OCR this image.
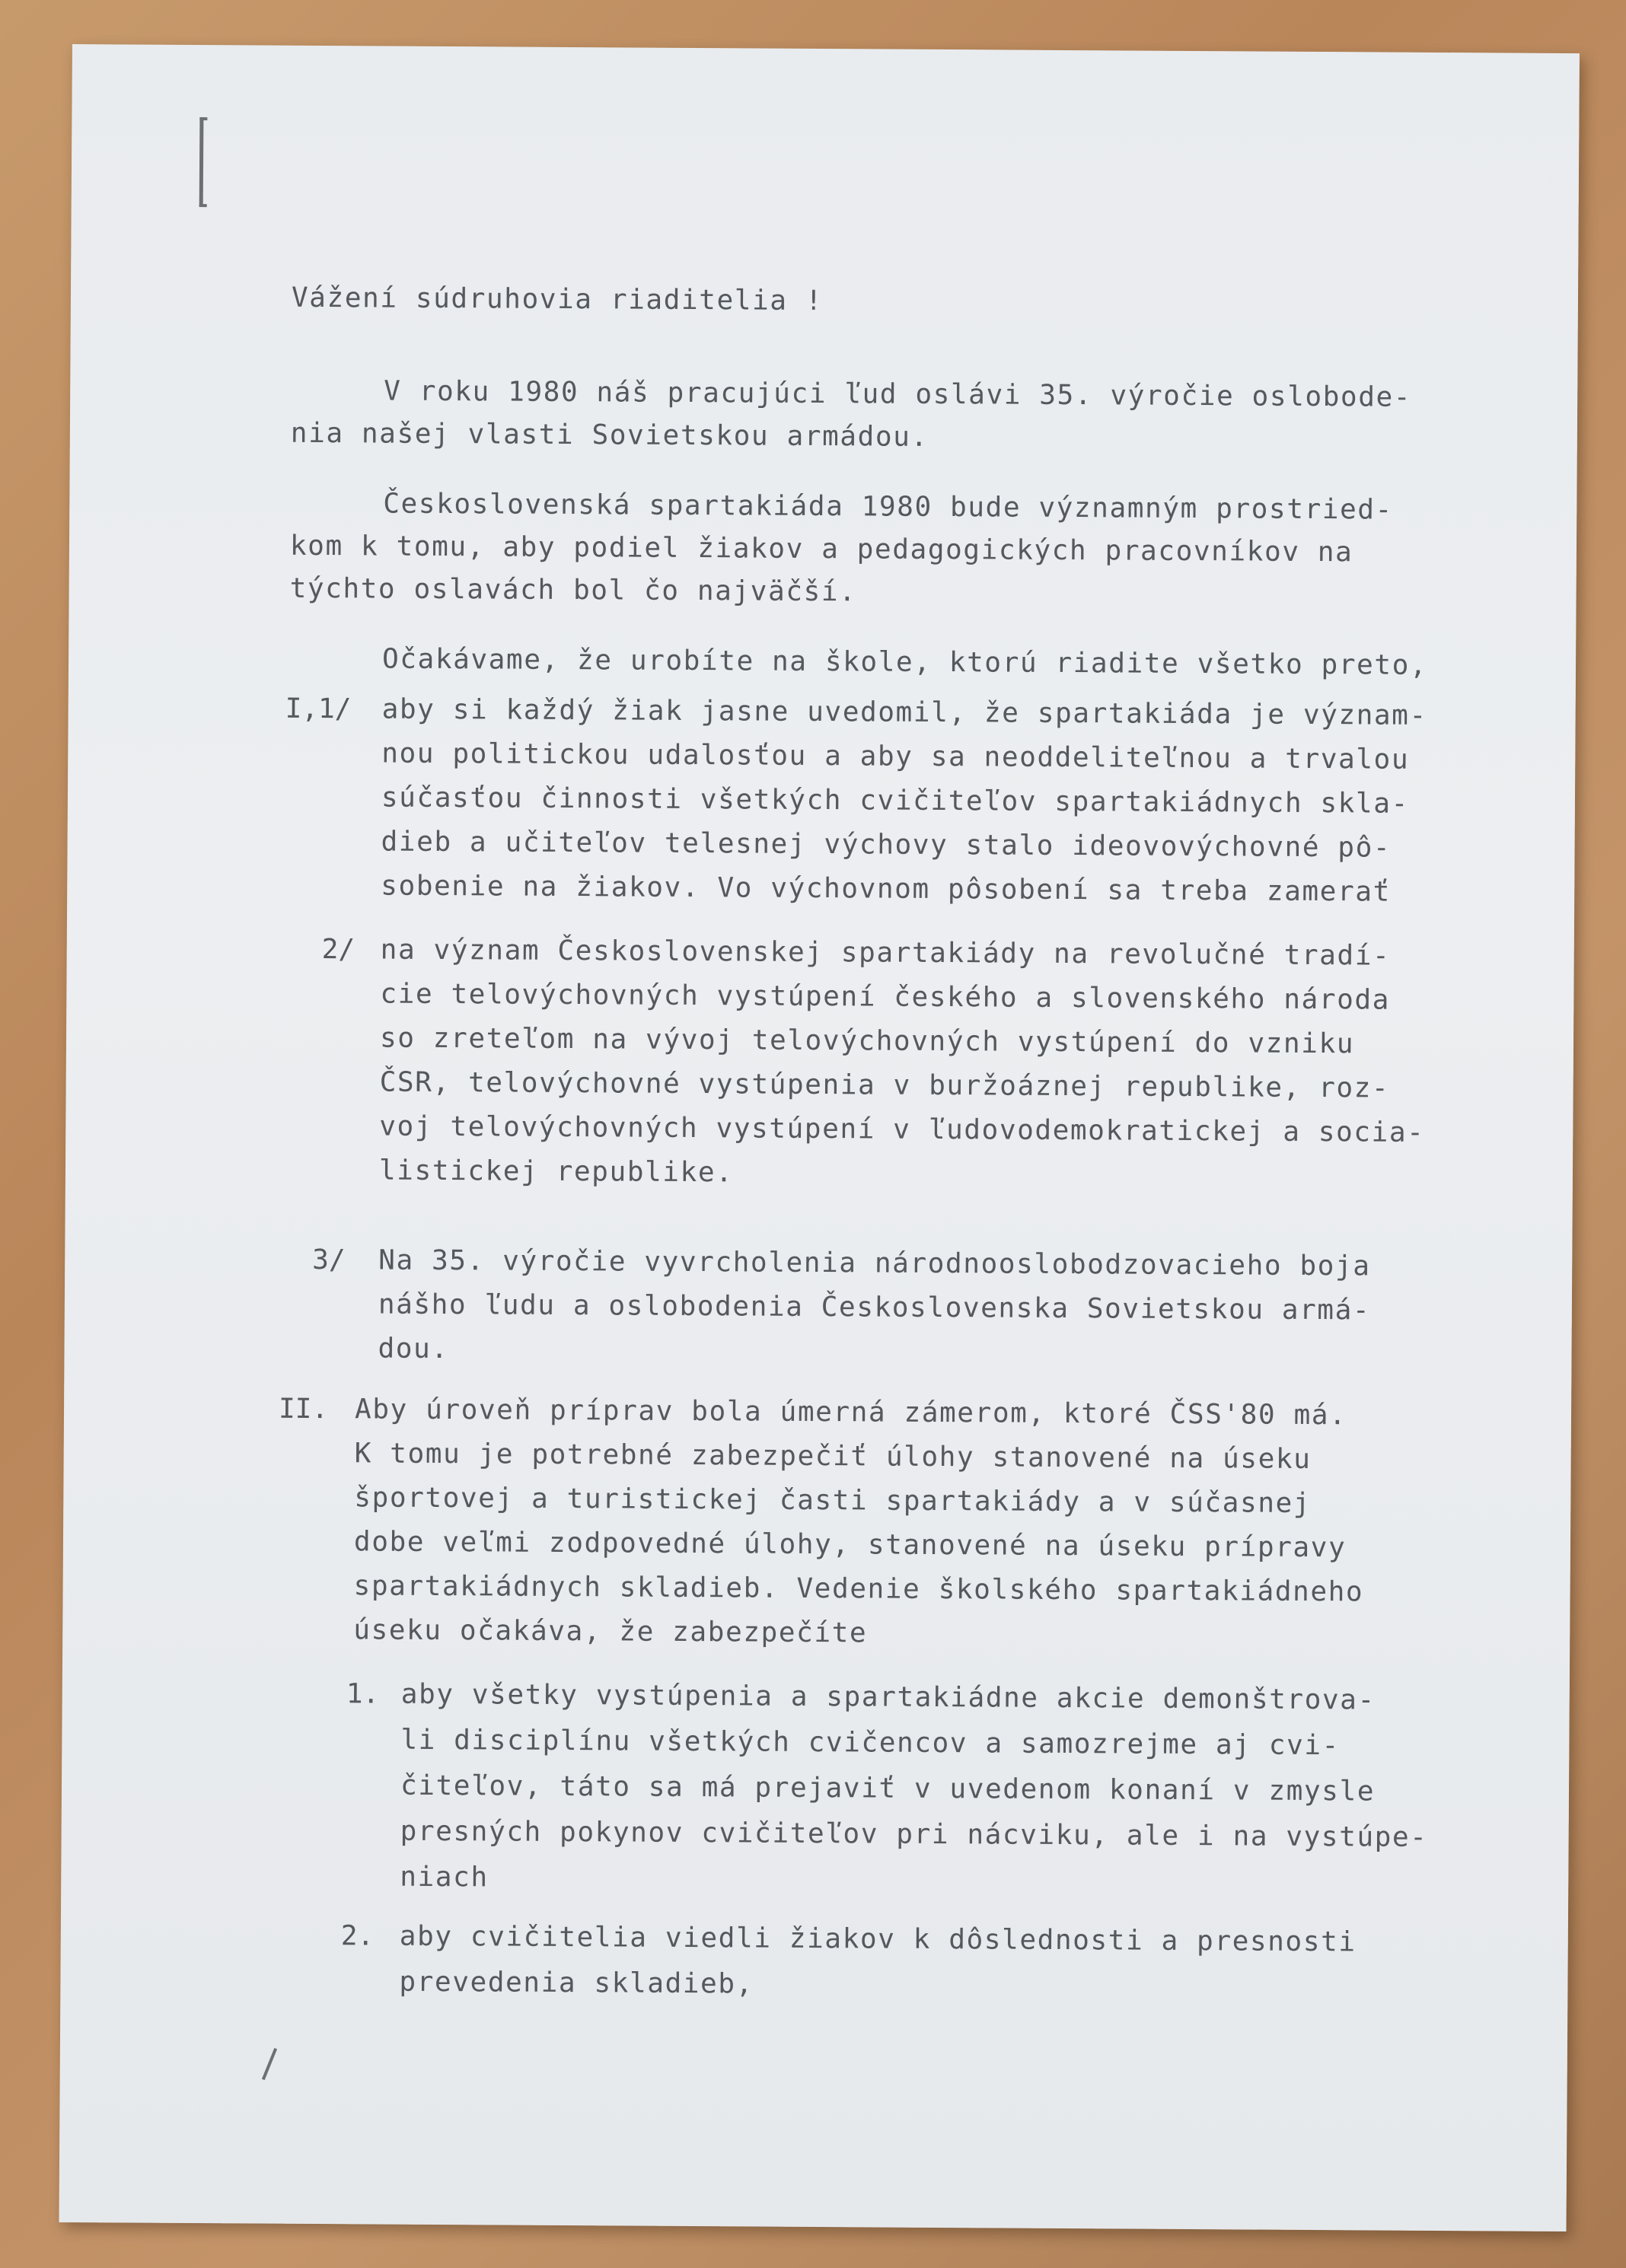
Vážení súdruhovia riaditelia !

V roku 1980 náš pracujúci ľud oslávi 35. výročie oslobode-

nia našej vlasti Sovietskou armádou.

Československá spartakiáda 1980 bude významným prostried-

kom k tomu, aby podiel žiakov a pedagogických pracovníkov na

týchto oslavách bol čo najväčší.

Očakávame, že urobíte na škole, ktorú riadite všetko preto,

I,1/ aby si každý žiak jasne uvedomil, že spartakiáda je význam-

nou politickou udalosťou a aby sa neoddeliteľnou a trvalou

súčasťou činnosti všetkých cvičiteľov spartakiádnych skla-

dieb a učiteľov telesnej výchovy stalo ideovovýchovné pô-

sobenie na žiakov. Vo výchovnom pôsobení sa treba zamerať

2/ na význam Československej spartakiády na revolučné tradí-

cie telovýchovných vystúpení českého a slovenského národa

so zreteľom na vývoj telovýchovných vystúpení do vzniku

ČSR, telovýchovné vystúpenia v buržoáznej republike, roz-

voj telovýchovných vystúpení v ľudovodemokratickej a socia-

listickej republike.

3/ Na 35. výročie vyvrcholenia národnooslobodzovacieho boja

nášho ľudu a oslobodenia Československa Sovietskou armá-

dou.

II. Aby úroveň príprav bola úmerná zámerom, ktoré ČSS'80 má.

K tomu je potrebné zabezpečiť úlohy stanovené na úseku

športovej a turistickej časti spartakiády a v súčasnej

dobe veľmi zodpovedné úlohy, stanovené na úseku prípravy

spartakiádnych skladieb. Vedenie školského spartakiádneho

úseku očakáva, že zabezpečíte

1. aby všetky vystúpenia a spartakiádne akcie demonštrova-

li disciplínu všetkých cvičencov a samozrejme aj cvi-

čiteľov, táto sa má prejaviť v uvedenom konaní v zmysle

presných pokynov cvičiteľov pri nácviku, ale i na vystúpe-

niach

2. aby cvičitelia viedli žiakov k dôslednosti a presnosti

prevedenia skladieb,
